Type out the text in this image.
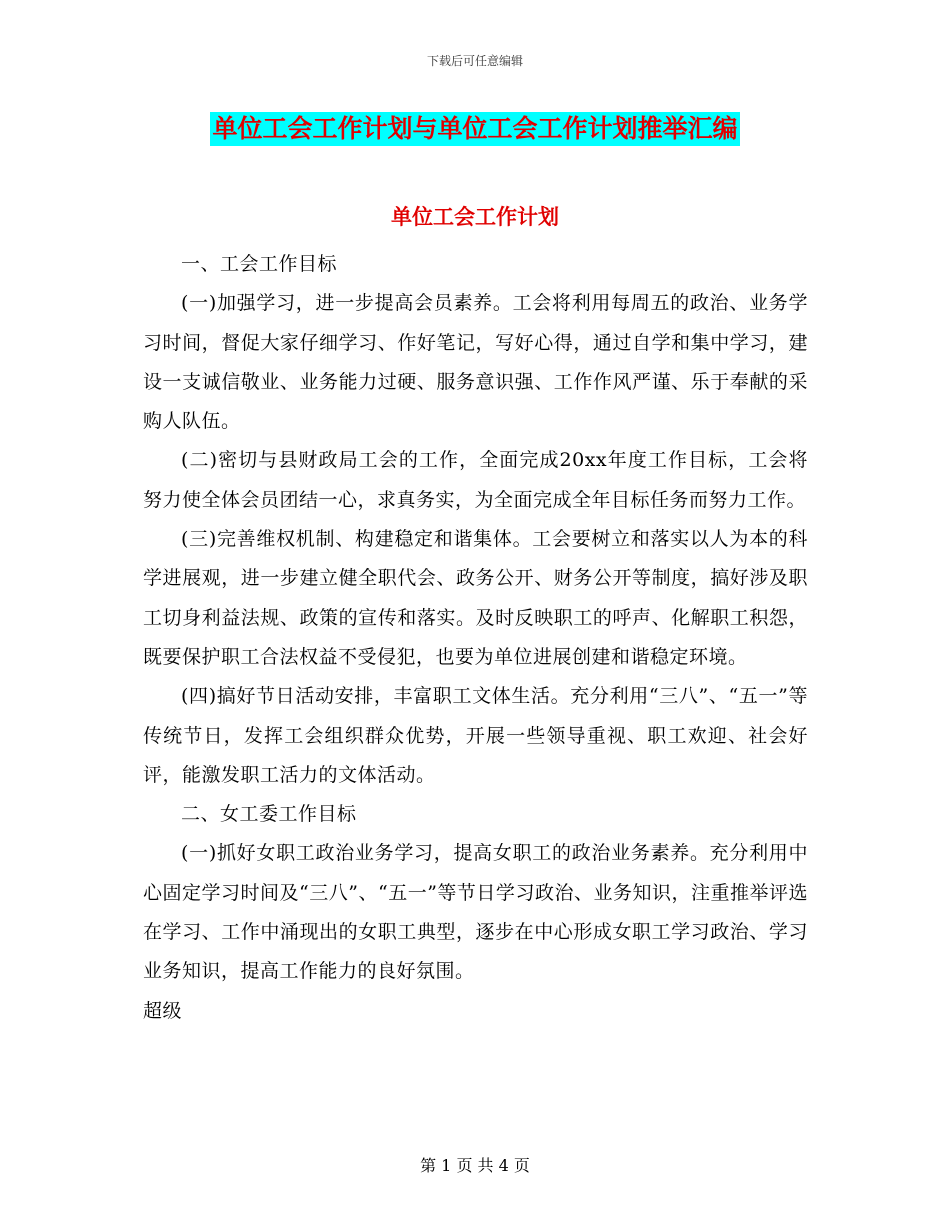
下载后可任意编辑
单位工会工作计划与单位工会工作计划推举汇编
单位工会工作计划

一、工会工作目标

(一)加强学习，进一步提高会员素养。工会将利用每周五的政治、业务学习时间，督促大家仔细学习、作好笔记，写好心得，通过自学和集中学习，建设一支诚信敬业、业务能力过硬、服务意识强、工作作风严谨、乐于奉献的采购人队伍。

(二)密切与县财政局工会的工作，全面完成20xx年度工作目标，工会将努力使全体会员团结一心，求真务实，为全面完成全年目标任务而努力工作。

(三)完善维权机制、构建稳定和谐集体。工会要树立和落实以人为本的科学进展观，进一步建立健全职代会、政务公开、财务公开等制度，搞好涉及职工切身利益法规、政策的宣传和落实。及时反映职工的呼声、化解职工积怨，既要保护职工合法权益不受侵犯，也要为单位进展创建和谐稳定环境。

(四)搞好节日活动安排，丰富职工文体生活。充分利用“三八”、“五一”等传统节日，发挥工会组织群众优势，开展一些领导重视、职工欢迎、社会好评，能激发职工活力的文体活动。

二、女工委工作目标

(一)抓好女职工政治业务学习，提高女职工的政治业务素养。充分利用中心固定学习时间及“三八”、“五一”等节日学习政治、业务知识，注重推举评选在学习、工作中涌现出的女职工典型，逐步在中心形成女职工学习政治、学习业务知识，提高工作能力的良好氛围。

超级

第 1 页 共 4 页
